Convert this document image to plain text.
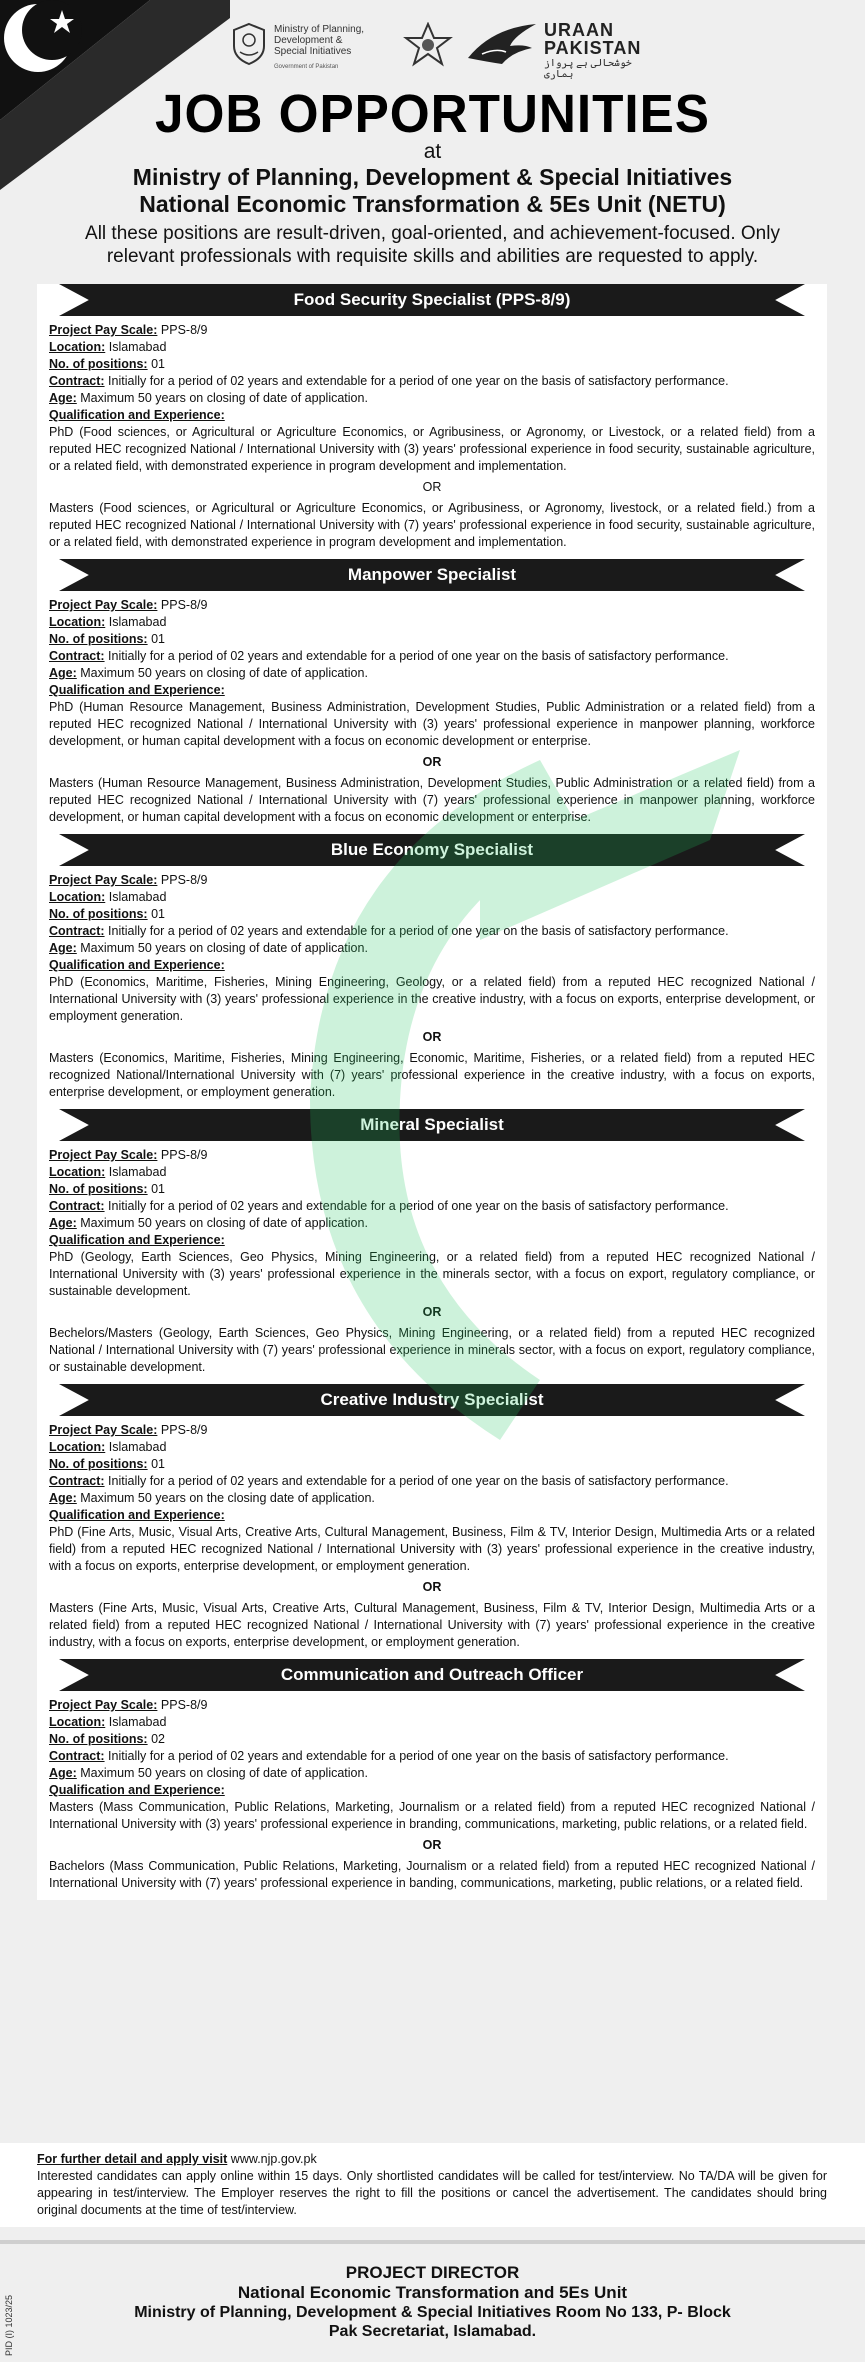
Ministry of Planning,
Development &
Special Initiatives
Government of Pakistan
URAAN
PAKISTAN
خوشحالی ہے پرواز ہماری
JOB OPPORTUNITIES
at
Ministry of Planning, Development & Special Initiatives
National Economic Transformation & 5Es Unit (NETU)
All these positions are result-driven, goal-oriented, and achievement-focused. Only relevant professionals with requisite skills and abilities are requested to apply.
Food Security Specialist (PPS-8/9)
Project Pay Scale: PPS-8/9
Location: Islamabad
No. of positions: 01
Contract: Initially for a period of 02 years and extendable for a period of one year on the basis of satisfactory performance.
Age: Maximum 50 years on closing of date of application.
Qualification and Experience:

PhD (Food sciences, or Agricultural or Agriculture Economics, or Agribusiness, or Agronomy, or Livestock, or a related field) from a reputed HEC recognized National / International University with (3) years' professional experience in food security, sustainable agriculture, or a related field, with demonstrated experience in program development and implementation.

OR

Masters (Food sciences, or Agricultural or Agriculture Economics, or Agribusiness, or Agronomy, livestock, or a related field.) from a reputed HEC recognized National / International University with (7) years' professional experience in food security, sustainable agriculture, or a related field, with demonstrated experience in program development and implementation.

Manpower Specialist
Project Pay Scale: PPS-8/9
Location: Islamabad
No. of positions: 01
Contract: Initially for a period of 02 years and extendable for a period of one year on the basis of satisfactory performance.
Age: Maximum 50 years on closing of date of application.
Qualification and Experience:

PhD (Human Resource Management, Business Administration, Development Studies, Public Administration or a related field) from a reputed HEC recognized National / International University with (3) years' professional experience in manpower planning, workforce development, or human capital development with a focus on economic development or enterprise.

OR

Masters (Human Resource Management, Business Administration, Development Studies, Public Administration or a related field) from a reputed HEC recognized National / International University with (7) years' professional experience in manpower planning, workforce development, or human capital development with a focus on economic development or enterprise.

Blue Economy Specialist
Project Pay Scale: PPS-8/9
Location: Islamabad
No. of positions: 01
Contract: Initially for a period of 02 years and extendable for a period of one year on the basis of satisfactory performance.
Age: Maximum 50 years on closing of date of application.
Qualification and Experience:

PhD (Economics, Maritime, Fisheries, Mining Engineering, Geology, or a related field) from a reputed HEC recognized National / International University with (3) years' professional experience in the creative industry, with a focus on exports, enterprise development, or employment generation.

OR

Masters (Economics, Maritime, Fisheries, Mining Engineering, Economic, Maritime, Fisheries, or a related field) from a reputed HEC recognized National/International University with (7) years' professional experience in the creative industry, with a focus on exports, enterprise development, or employment generation.

Mineral Specialist
Project Pay Scale: PPS-8/9
Location: Islamabad
No. of positions: 01
Contract: Initially for a period of 02 years and extendable for a period of one year on the basis of satisfactory performance.
Age: Maximum 50 years on closing of date of application.
Qualification and Experience:

PhD (Geology, Earth Sciences, Geo Physics, Mining Engineering, or a related field) from a reputed HEC recognized National / International University with (3) years' professional experience in the minerals sector, with a focus on export, regulatory compliance, or sustainable development.

OR

Bechelors/Masters (Geology, Earth Sciences, Geo Physics, Mining Engineering, or a related field) from a reputed HEC recognized National / International University with (7) years' professional experience in minerals sector, with a focus on export, regulatory compliance, or sustainable development.

Creative Industry Specialist
Project Pay Scale: PPS-8/9
Location: Islamabad
No. of positions: 01
Contract: Initially for a period of 02 years and extendable for a period of one year on the basis of satisfactory performance.
Age: Maximum 50 years on the closing date of application.
Qualification and Experience:

PhD (Fine Arts, Music, Visual Arts, Creative Arts, Cultural Management, Business, Film & TV, Interior Design, Multimedia Arts or a related field) from a reputed HEC recognized National / International University with (3) years' professional experience in the creative industry, with a focus on exports, enterprise development, or employment generation.

OR

Masters (Fine Arts, Music, Visual Arts, Creative Arts, Cultural Management, Business, Film & TV, Interior Design, Multimedia Arts or a related field) from a reputed HEC recognized National / International University with (7) years' professional experience in the creative industry, with a focus on exports, enterprise development, or employment generation.

Communication and Outreach Officer
Project Pay Scale: PPS-8/9
Location: Islamabad
No. of positions: 02
Contract: Initially for a period of 02 years and extendable for a period of one year on the basis of satisfactory performance.
Age: Maximum 50 years on closing of date of application.
Qualification and Experience:

Masters (Mass Communication, Public Relations, Marketing, Journalism or a related field) from a reputed HEC recognized National / International University with (3) years' professional experience in branding, communications, marketing, public relations, or a related field.

OR

Bachelors (Mass Communication, Public Relations, Marketing, Journalism or a related field) from a reputed HEC recognized National / International University with (7) years' professional experience in banding, communications, marketing, public relations, or a related field.

For further detail and apply visit www.njp.gov.pk
Interested candidates can apply online within 15 days. Only shortlisted candidates will be called for test/interview. No TA/DA will be given for appearing in test/interview. The Employer reserves the right to fill the positions or cancel the advertisement. The candidates should bring original documents at the time of test/interview.
PID (I) 1023/25
PROJECT DIRECTOR
National Economic Transformation and 5Es Unit
Ministry of Planning, Development & Special Initiatives Room No 133, P- Block
Pak Secretariat, Islamabad.
